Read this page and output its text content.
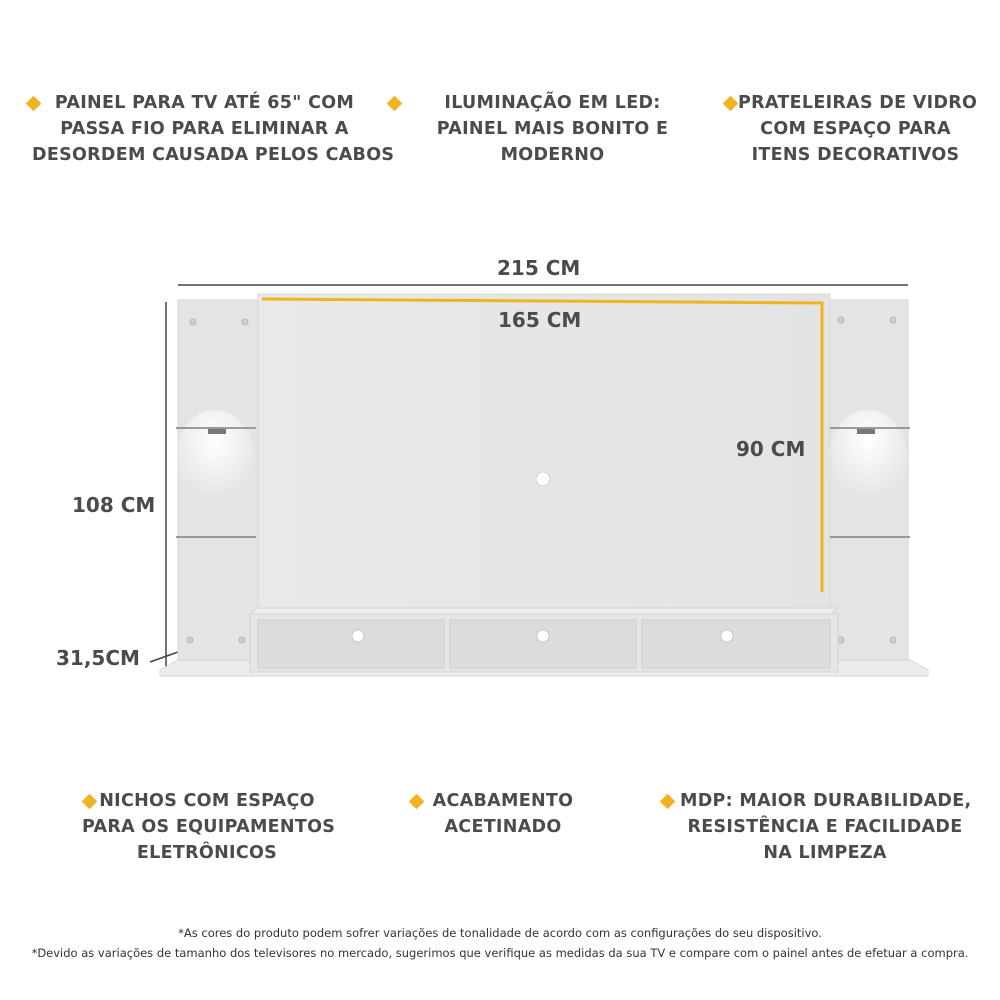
PAINEL PARA TV ATÉ 65" COM
PASSA FIO PARA ELIMINAR A
DESORDEM CAUSADA PELOS CABOS
ILUMINAÇÃO EM LED:
PAINEL MAIS BONITO E
MODERNO
PRATELEIRAS DE VIDRO
COM ESPAÇO PARA
ITENS DECORATIVOS
215 CM
165 CM
90 CM
108 CM
31,5CM
NICHOS COM ESPAÇO
PARA OS EQUIPAMENTOS
ELETRÔNICOS
ACABAMENTO
ACETINADO
MDP: MAIOR DURABILIDADE,
RESISTÊNCIA E FACILIDADE
NA LIMPEZA
*As cores do produto podem sofrer variações de tonalidade de acordo com as configurações do seu dispositivo.
*Devido as variações de tamanho dos televisores no mercado, sugerimos que verifique as medidas da sua TV e compare com o painel antes de efetuar a compra.
